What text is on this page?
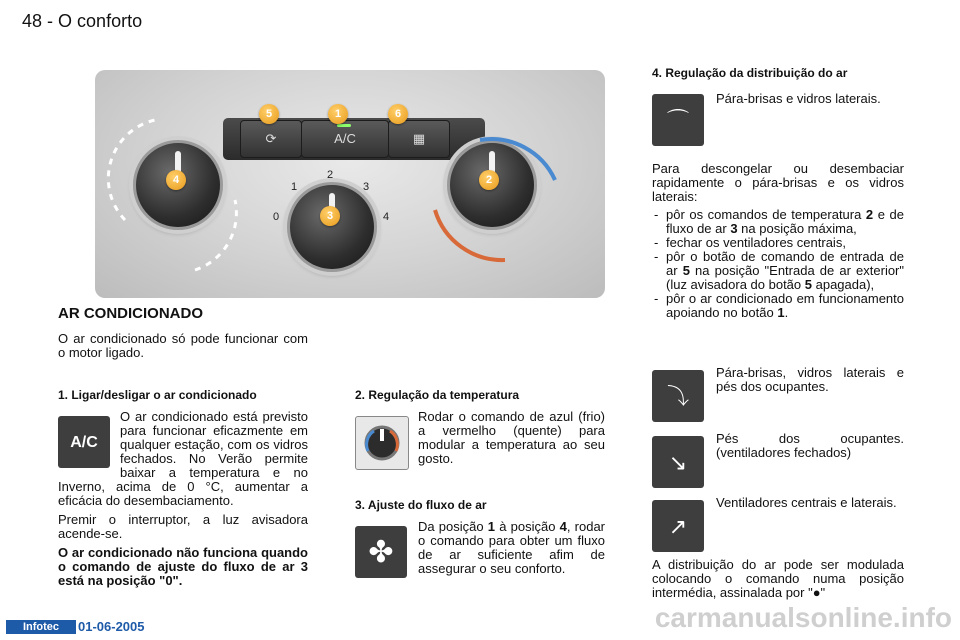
48 - O conforto
⟳	A/C	▦
5	1	6
4
3
2
0
1
2
3
4
AR CONDICIONADO
O ar condicionado só pode funcionar com o motor ligado.
1. Ligar/desligar o ar condicionado
A/C
O ar condicionado está previsto para funcionar eficazmente em qualquer estação, com os vidros fechados. No Verão permite baixar a temperatura e no Inverno, acima de 0 °C, aumentar a eficácia do desembaciamento.
Premir o interruptor, a luz avisadora acende-se.
O ar condicionado não funciona quando o comando de ajuste do fluxo de ar 3 está na posição "0".
2. Regulação da temperatura
Rodar o comando de azul (frio) a vermelho (quente) para modular a temperatura ao seu gosto.
3. Ajuste do fluxo de ar
✤
Da posição 1 à posição 4, rodar o comando para obter um fluxo de ar suficiente afim de assegurar o seu conforto.
4. Regulação da distribuição do ar
⌒
Pára-brisas e vidros laterais.
Para descongelar ou desembaciar rapidamente o pára-brisas e os vidros laterais:
- pôr os comandos de temperatura 2 e de fluxo de ar 3 na posição máxima,
- fechar os ventiladores centrais,
- pôr o botão de comando de entrada de ar 5 na posição "Entrada de ar exterior" (luz avisadora do botão 5 apagada),
- pôr o ar condicionado em funcionamento apoiando no botão 1.
⤵
Pára-brisas, vidros laterais e pés dos ocupantes.
↘
Pés dos ocupantes. (ventiladores fechados)
↗
Ventiladores centrais e laterais.
A distribuição do ar pode ser modulada colocando o comando numa posição intermédia, assinalada por "●"
Infotec	01-06-2005	carmanualsonline.info
